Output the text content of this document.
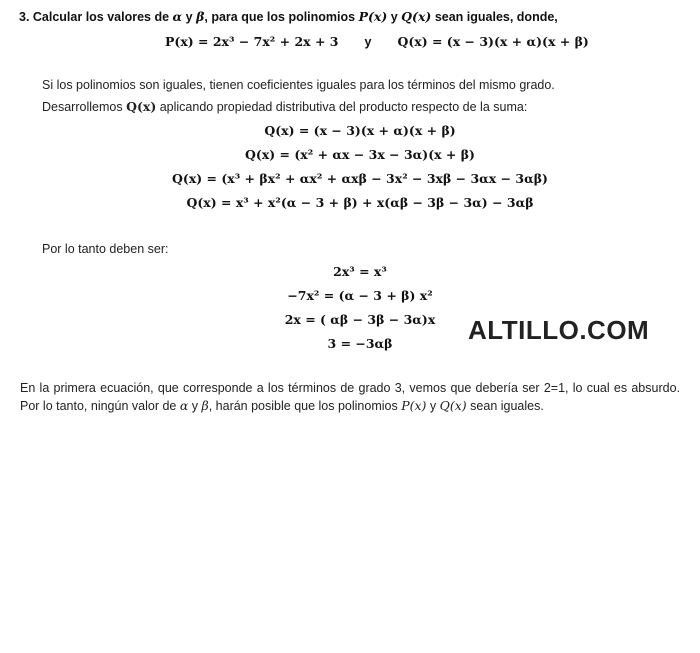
3. Calcular los valores de α y β, para que los polinomios P(x) y Q(x) sean iguales, donde,
P(x) = 2x³ − 7x² + 2x + 3 y Q(x) = (x − 3)(x + α)(x + β)
Si los polinomios son iguales, tienen coeficientes iguales para los términos del mismo grado.
Desarrollemos Q(x) aplicando propiedad distributiva del producto respecto de la suma:
Q(x) = (x − 3)(x + α)(x + β)
Q(x) = (x² + αx − 3x − 3α)(x + β)
Q(x) = (x³ + βx² + αx² + αxβ − 3x² − 3xβ − 3αx − 3αβ)
Q(x) = x³ + x²(α − 3 + β) + x(αβ − 3β − 3α) − 3αβ
Por lo tanto deben ser:
2x³ = x³
−7x² = (α − 3 + β) x²
2x = ( αβ − 3β − 3α)x
3 = −3αβ	ALTILLO.COM
En la primera ecuación, que corresponde a los términos de grado 3, vemos que debería ser 2=1, lo cual es absurdo. Por lo tanto, ningún valor de α y β, harán posible que los polinomios P(x) y Q(x) sean iguales.
